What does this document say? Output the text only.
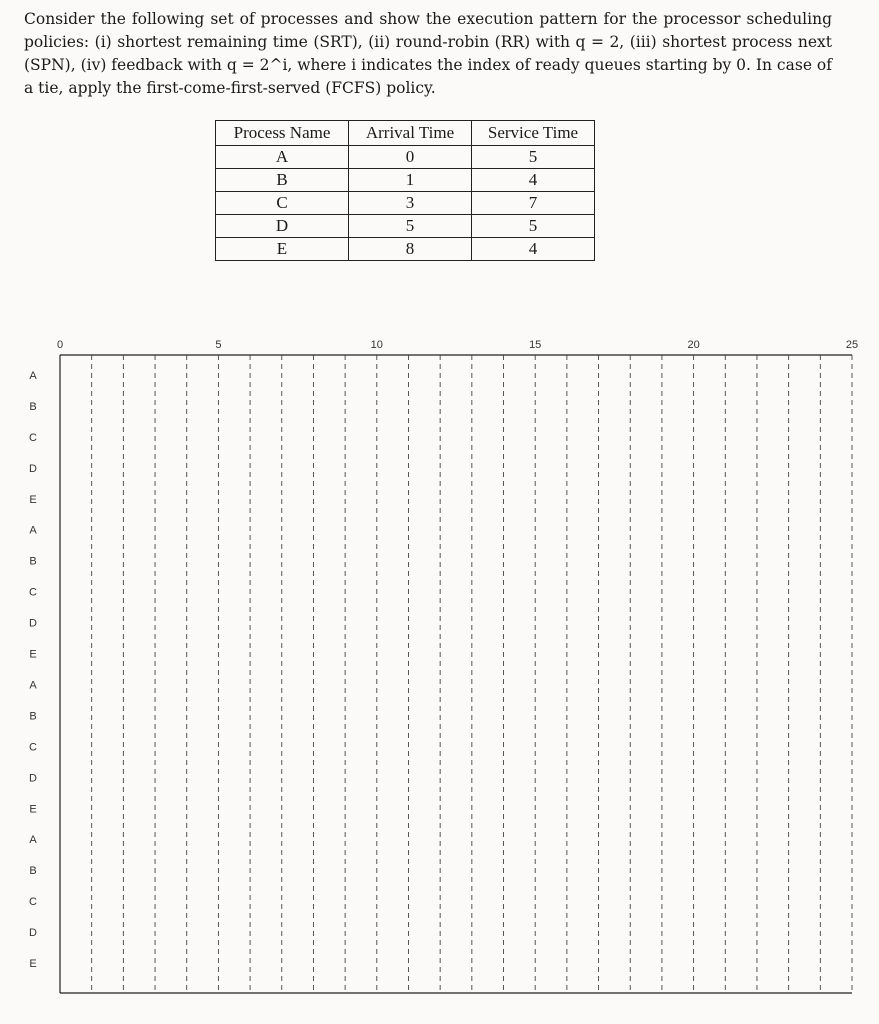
Consider the following set of processes and show the execution pattern for the processor scheduling policies: (i) shortest remaining time (SRT), (ii) round-robin (RR) with q = 2, (iii) shortest process next (SPN), (iv) feedback with q = 2^i, where i indicates the index of ready queues starting by 0. In case of a tie, apply the first-come-first-served (FCFS) policy.

Process Name	Arrival Time	Service Time
A	0	5
B	1	4
C	3	7
D	5	5
E	8	4
0	5	10	15	20	25
A
B
C
D
E
A
B
C
D
E
A
B
C
D
E
A
B
C
D
E
